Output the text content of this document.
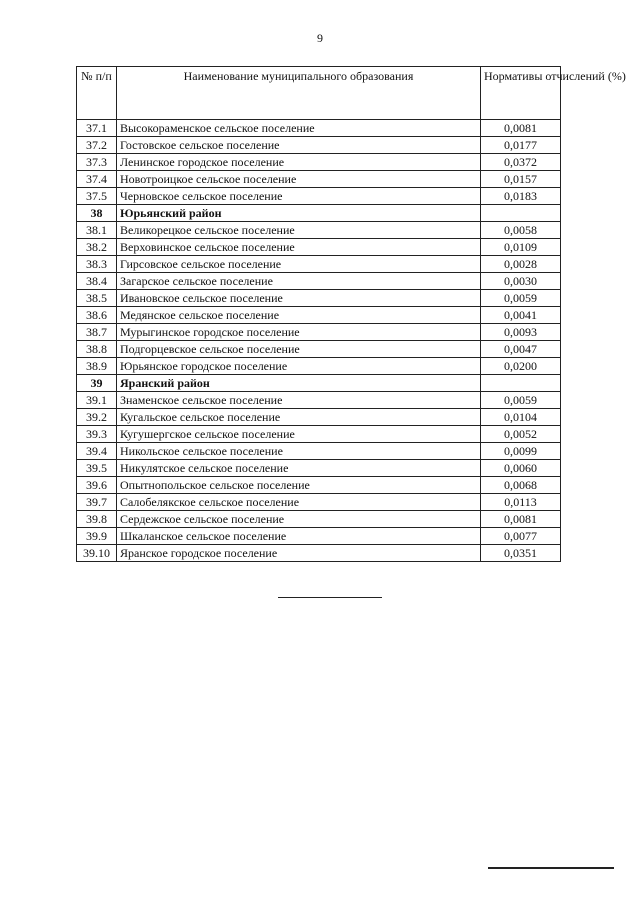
9
№ п/п	Наименование муниципального образования	Нормативы отчислений (%)
37.1	Высокораменское сельское поселение	0,0081
37.2	Гостовское сельское поселение	0,0177
37.3	Ленинское городское поселение	0,0372
37.4	Новотроицкое сельское поселение	0,0157
37.5	Черновское сельское поселение	0,0183
38	Юрьянский район	
38.1	Великорецкое сельское поселение	0,0058
38.2	Верховинское сельское поселение	0,0109
38.3	Гирсовское сельское поселение	0,0028
38.4	Загарское сельское поселение	0,0030
38.5	Ивановское сельское поселение	0,0059
38.6	Медянское сельское поселение	0,0041
38.7	Мурыгинское городское поселение	0,0093
38.8	Подгорцевское сельское поселение	0,0047
38.9	Юрьянское городское поселение	0,0200
39	Яранский район	
39.1	Знаменское сельское поселение	0,0059
39.2	Кугальское сельское поселение	0,0104
39.3	Кугушергское сельское поселение	0,0052
39.4	Никольское сельское поселение	0,0099
39.5	Никулятское сельское поселение	0,0060
39.6	Опытнопольское сельское поселение	0,0068
39.7	Салобелякское сельское поселение	0,0113
39.8	Сердежское сельское поселение	0,0081
39.9	Шкаланское сельское поселение	0,0077
39.10	Яранское городское поселение	0,0351
